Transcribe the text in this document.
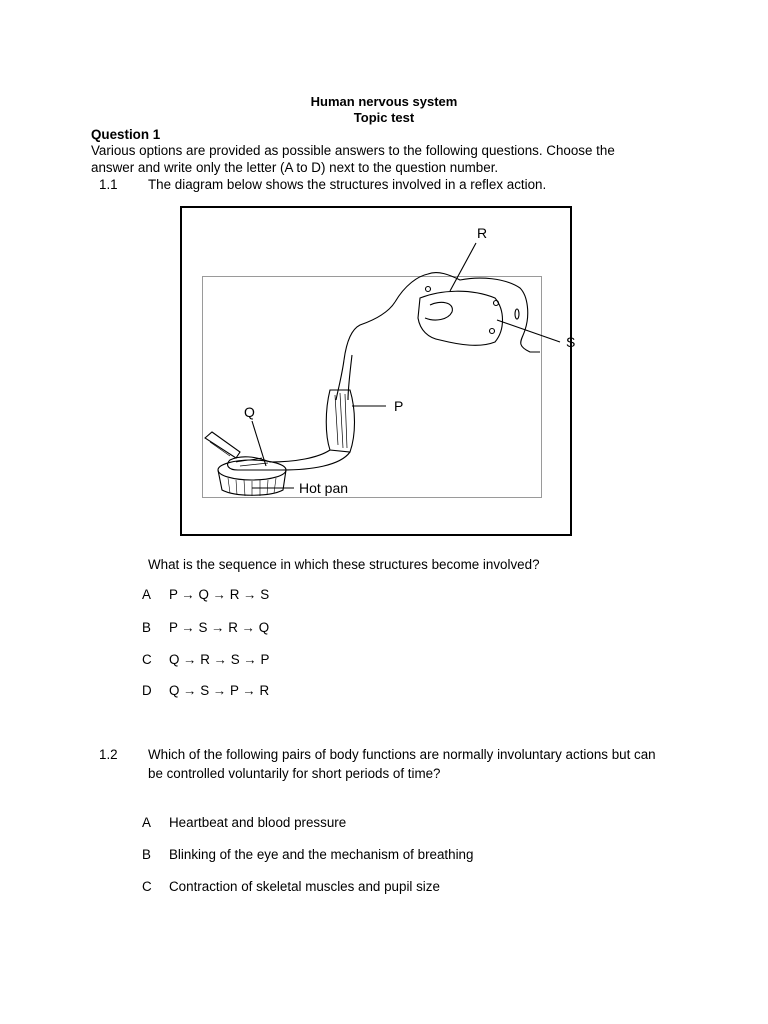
Human nervous system
Topic test
Question 1
Various options are provided as possible answers to the following questions. Choose the
answer and write only the letter (A to D) next to the question number.
1.1 The diagram below shows the structures involved in a reflex action.
R
S
P
Q
Hot pan
What is the sequence in which these structures become involved?
A P → Q → R → S
B P → S → R → Q
C Q → R → S → P
D Q → S → P → R
1.2 Which of the following pairs of body functions are normally involuntary actions but can
be controlled voluntarily for short periods of time?
A Heartbeat and blood pressure
B Blinking of the eye and the mechanism of breathing
C Contraction of skeletal muscles and pupil size
